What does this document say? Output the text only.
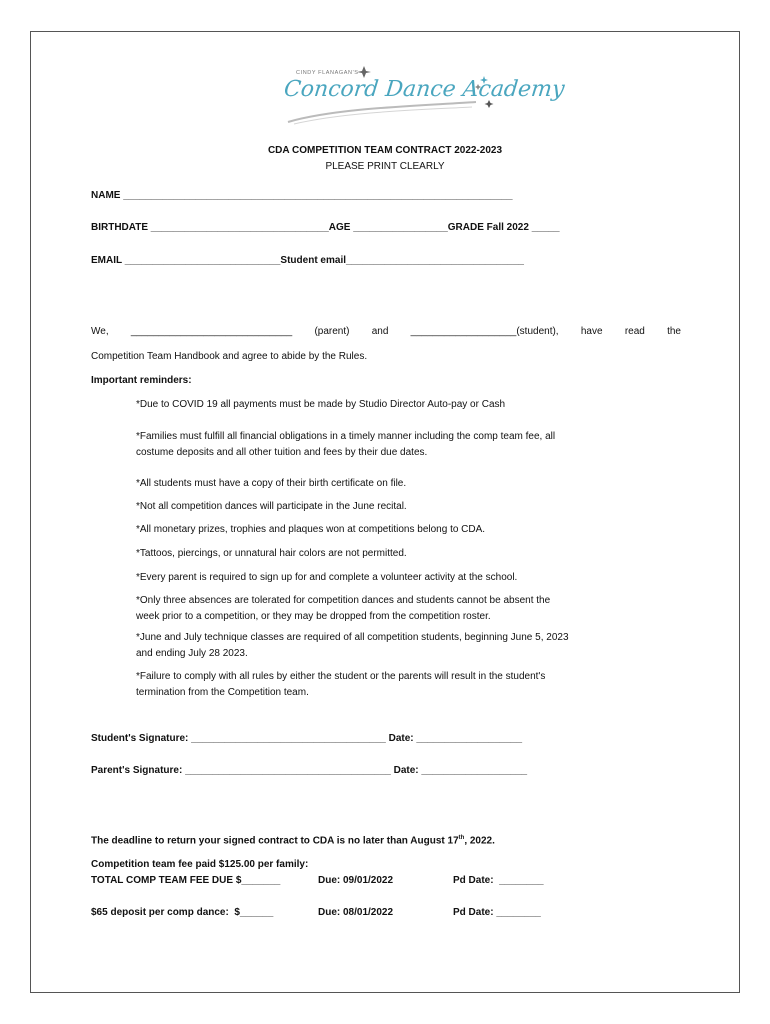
CINDY FLANAGAN'S
Concord Dance Academy
CDA COMPETITION TEAM CONTRACT 2022-2023
PLEASE PRINT CLEARLY
NAME ______________________________________________________________________
BIRTHDATE ________________________________AGE _________________GRADE Fall 2022 _____
EMAIL ____________________________Student email________________________________
We, _____________________________ (parent) and ___________________(student), have read the
Competition Team Handbook and agree to abide by the Rules.
Important reminders:
*Due to COVID 19 all payments must be made by Studio Director Auto-pay or Cash
*Families must fulfill all financial obligations in a timely manner including the comp team fee, all
costume deposits and all other tuition and fees by their due dates.
*All students must have a copy of their birth certificate on file.
*Not all competition dances will participate in the June recital.
*All monetary prizes, trophies and plaques won at competitions belong to CDA.
*Tattoos, piercings, or unnatural hair colors are not permitted.
*Every parent is required to sign up for and complete a volunteer activity at the school.
*Only three absences are tolerated for competition dances and students cannot be absent the
week prior to a competition, or they may be dropped from the competition roster.
*June and July technique classes are required of all competition students, beginning June 5, 2023
and ending July 28 2023.
*Failure to comply with all rules by either the student or the parents will result in the student's
termination from the Competition team.
Student's Signature: ___________________________________ Date: ___________________
Parent's Signature: _____________________________________ Date: ___________________
The deadline to return your signed contract to CDA is no later than August 17th, 2022.
Competition team fee paid $125.00 per family:
TOTAL COMP TEAM FEE DUE $_______	Due: 09/01/2022	Pd Date:  ________
$65 deposit per comp dance:  $______	Due: 08/01/2022	Pd Date: ________
